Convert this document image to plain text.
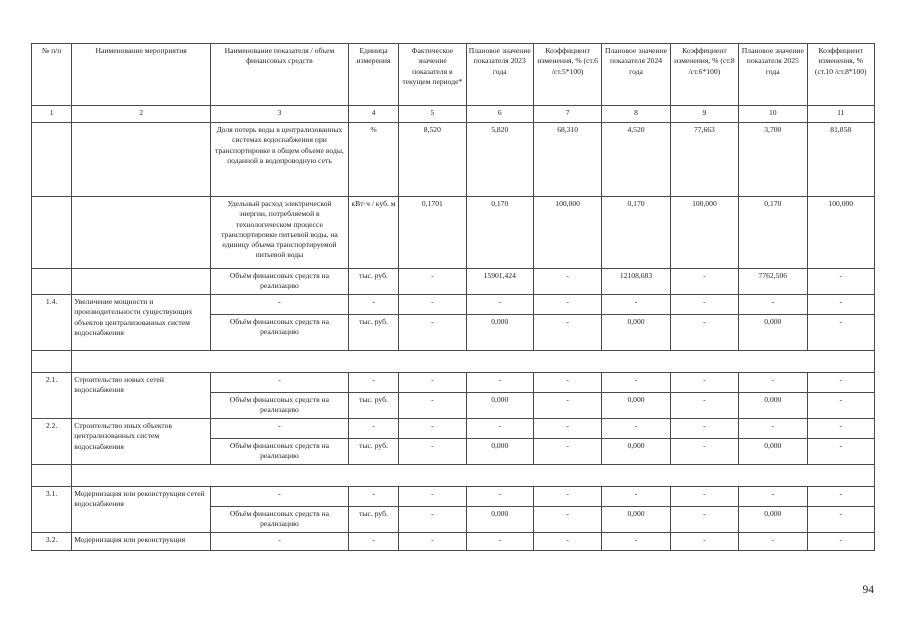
№ п/п	Наименование мероприятия	Наименование показателя / объем финансовых средств	Единица измерения	Фактическое значение показателя в текущем периоде*	Плановое значение показателя 2023 года	Коэффициент изменения, % (ст.6 /ст.5*100)	Плановое значение показателя 2024 года	Коэффициент изменения, % (ст.8 /ст.6*100)	Плановое значение показателя 2025 года	Коэффициент изменения, % (ст.10 /ст.8*100)
1	2	3	4	5	6	7	8	9	10	11
		Доля потерь воды в централизованных системах водоснабжения при транспортировке в общем объеме воды, поданной в водопроводную сеть	%	8,520	5,820	68,310	4,520	77,663	3,700	81,858
		Удельный расход электрической энергии, потребляемой в технологическом процессе транспортировки питьевой воды, на единицу объема транспортируемой питьевой воды	кВт·ч / куб. м	0,1701	0,170	100,000	0,170	100,000	0,170	100,000
		Объём финансовых средств на реализацию	тыс. руб.	-	15901,424	-	12108,683	-	7762,506	-
1.4.	Увеличение мощности и производительности существующих объектов централизованных систем водоснабжения	-	-	-	-	-	-	-	-	-
		Объём финансовых средств на реализацию	тыс. руб.	-	0,000	-	0,000	-	0,000	-

2.1.	Строительство новых сетей водоснабжения	-	-	-	-	-	-	-	-	-
		Объём финансовых средств на реализацию	тыс. руб.	-	0,000	-	0,000	-	0,000	-
2.2.	Строительство иных объектов централизованных систем водоснабжения	-	-	-	-	-	-	-	-	-
		Объём финансовых средств на реализацию	тыс. руб.	-	0,000	-	0,000	-	0,000	-

3.1.	Модернизация или реконструкция сетей водоснабжения	-	-	-	-	-	-	-	-	-
		Объём финансовых средств на реализацию	тыс. руб.	-	0,000	-	0,000	-	0,000	-
3.2.	Модернизация или реконструкция	-	-	-	-	-	-	-	-	-
94
